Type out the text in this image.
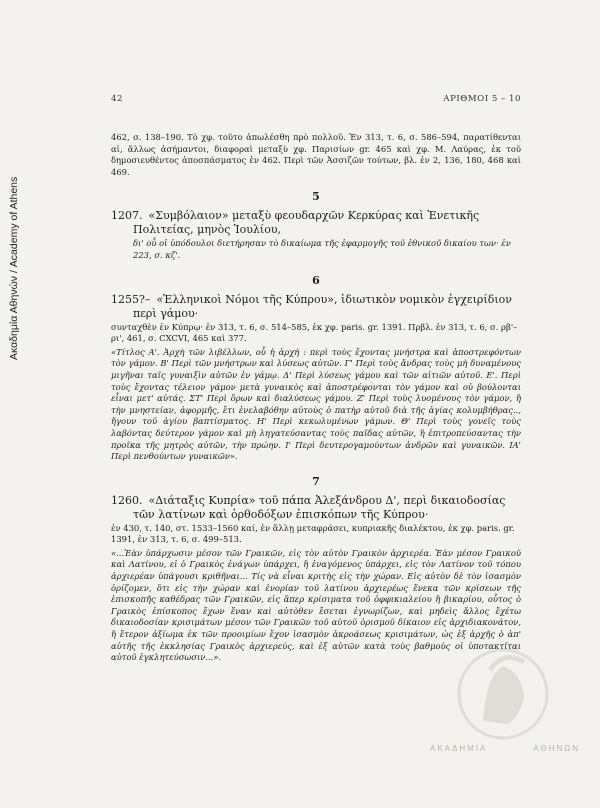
Ακαδημία Αθηνών / Academy of Athens
42	ΑΡΙΘΜΟΙ 5 – 10

462, σ. 138–190. Τὸ χφ. τοῦτο ἀπωλέσθη πρὸ πολλοῦ. Ἐν 313, τ. 6, σ. 586–594, παρατίθενται αἱ, ἄλλως ἀσήμαντοι, διαφοραὶ μεταξὺ χφ. Παρισίων gr. 465 καὶ χφ. Μ. Λαύρας, ἐκ τοῦ δημοσιευθέντος ἀποσπάσματος ἐν 462. Περὶ τῶν Ἀσσιζῶν τούτων, βλ. ἐν 2, 136, 180, 468 καὶ 469.

5

1207. «Συμβόλαιον» μεταξὺ φεουδαρχῶν Κερκύρας καὶ Ἐνετικῆς Πολιτείας, μηνὸς Ἰουλίου,

δι' οὗ οἱ ὑπόδουλοι διετήρησαν τὸ δικαίωμα τῆς ἐφαρμογῆς τοῦ ἐθνικοῦ δικαίου των· ἐν 223, σ. κζ'.

6

1255?– «Ἑλληνικοὶ Νόμοι τῆς Κύπρου», ἰδιωτικὸν νομικὸν ἐγχειρίδιον περὶ γάμου·

συνταχθὲν ἐν Κύπρῳ· ἐν 313, τ. 6, σ. 514–585, ἐκ χφ. paris. gr. 1391. Πρβλ. ἐν 313, τ. 6, σ. ρβ'–ρι', 461, σ. CXCVI, 465 καὶ 377.

«Τίτλος Α'. Ἀρχὴ τῶν λιβέλλων, οὗ ἡ ἀρχή : περὶ τοὺς ἔχοντας μνήστρα καὶ ἀποστρεφόντων τὸν γάμον. Β' Περὶ τῶν μνήστρων καὶ λύσεως αὐτῶν. Γ' Περὶ τοὺς ἄνδρας τοὺς μὴ δυναμένους μιγῆναι ταῖς γυναιξὶν αὐτῶν ἐν γάμῳ. Δ' Περὶ λύσεως γάμου καὶ τῶν αἰτιῶν αὐτοῦ. Ε'. Περὶ τοὺς ἔχοντας τέλειον γάμον μετὰ γυναικὸς καὶ ἀποστρέφονται τὸν γάμον καὶ οὐ βούλονται εἶναι μετ' αὐτάς. ΣΤ' Περὶ ὅρων καὶ διαλύσεως γάμου. Ζ' Περὶ τοὺς λυομένους τὸν γάμον, ἢ τὴν μνηστείαν, ἀφορμῆς, ἔτι ἐνελαβόθην αὐτοὺς ὁ πατὴρ αὐτοῦ διὰ τῆς ἁγίας κολυμβήθρας.., ἤγουν τοῦ ἁγίου βαπτίσματος. Η' Περὶ κεκωλυμένων γάμων. Θ' Περὶ τοὺς γονεῖς τοὺς λαβόντας δεύτερον γάμον καὶ μὴ ληγατεύσαντας τοὺς παῖδας αὐτῶν, ἢ ἐπιτροπεύσαντας τὴν προῖκα τῆς μητρὸς αὐτῶν, τὴν πρώην. Ι' Περὶ δευτερογαμούντων ἀνδρῶν καὶ γυναικῶν. ΙΑ' Περὶ πενθούντων γυναικῶν».

7

1260. «Διάταξις Κυπρία» τοῦ πάπα Ἀλεξάνδρου Δ', περὶ δικαιοδοσίας τῶν λατίνων καὶ ὀρθοδόξων ἐπισκόπων τῆς Κύπρου·

ἐν 430, τ. 140, στ. 1533–1560 καί, ἐν ἄλλῃ μεταφράσει, κυπριακῆς διαλέκτου, ἐκ χφ. paris. gr. 1391, ἐν 313, τ. 6, σ. 499–513.

«...Ἐὰν ὑπάρχωσιν μέσον τῶν Γραικῶν, εἰς τὸν αὐτὸν Γραικὸν ἀρχιερέα. Ἐὰν μέσον Γραικοῦ καὶ Λατίνου, εἰ ὁ Γραικὸς ἐνάγων ὑπάρχει, ἢ ἐναγόμενος ὑπάρχει, εἰς τὸν Λατίνον τοῦ τόπου ἀρχιερέαν ὑπάγουσι κριθῆναι... Τίς νὰ εἶναι κριτὴς εἰς τὴν χώραν. Εἰς αὐτὸν δὲ τὸν ἰσασμὸν ὁρίζομεν, ὅτι εἰς τὴν χώραν καὶ ἐνορίαν τοῦ λατίνου ἀρχιερέως ἕνεκα τῶν κρίσεων τῆς ἐπισκοπῆς καθέδρας τῶν Γραικῶν, εἰς ἅπερ κρίσιματα τοῦ ὀφφικιαλείου ἢ βικαρίου, οὗτος ὁ Γραικὸς ἐπίσκοπος ἔχων ἕναν καὶ αὐτὸθεν ἔσεται ἐγνωρίζων, καὶ μηδεὶς ἄλλος ἔχέτω δικαιοδοσίαν κρισιμάτων μέσον τῶν Γραικῶν τοῦ αὐτοῦ ὁρισμοῦ δίκαιον εἰς ἀρχιδιακονάτον, ἢ ἕτερον ἀξίωμα ἐκ τῶν προοιμίων ἔχον ἰσασμὸν ἀκροάσεως κρισιμάτων, ὡς ἐξ ἀρχῆς ὁ ἀπ' αὐτῆς τῆς ἐκκλησίας Γραικὸς ἀρχιερεύς, καὶ ἐξ αὐτῶν κατὰ τοὺς βαθμοὺς οἱ ὑποτακτῖται αὐτοῦ ἐγκλητεύσωσιν...».

ΑΚΑΔΗΜΙΑ	ΑΘΗΝΩΝ
